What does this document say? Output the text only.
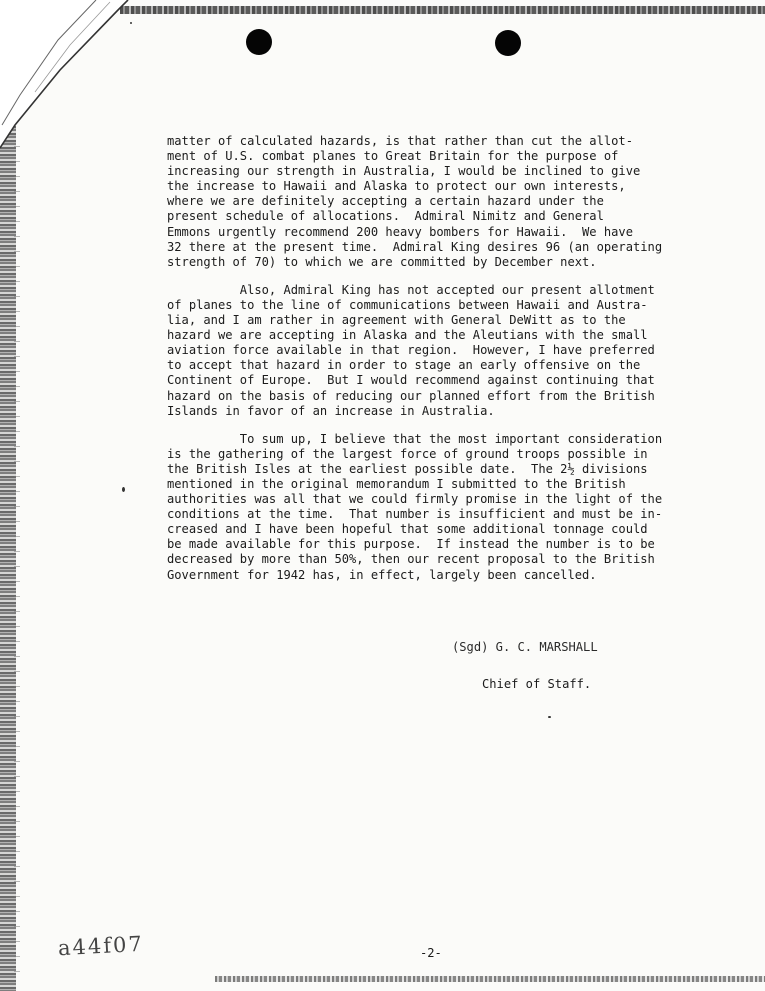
matter of calculated hazards, is that rather than cut the allot-
ment of U.S. combat planes to Great Britain for the purpose of
increasing our strength in Australia, I would be inclined to give
the increase to Hawaii and Alaska to protect our own interests,
where we are definitely accepting a certain hazard under the
present schedule of allocations.  Admiral Nimitz and General
Emmons urgently recommend 200 heavy bombers for Hawaii.  We have
32 there at the present time.  Admiral King desires 96 (an operating
strength of 70) to which we are committed by December next.
Also, Admiral King has not accepted our present allotment
of planes to the line of communications between Hawaii and Austra-
lia, and I am rather in agreement with General DeWitt as to the
hazard we are accepting in Alaska and the Aleutians with the small
aviation force available in that region.  However, I have preferred
to accept that hazard in order to stage an early offensive on the
Continent of Europe.  But I would recommend against continuing that
hazard on the basis of reducing our planned effort from the British
Islands in favor of an increase in Australia.
To sum up, I believe that the most important consideration
is the gathering of the largest force of ground troops possible in
the British Isles at the earliest possible date.  The 2½ divisions
mentioned in the original memorandum I submitted to the British
authorities was all that we could firmly promise in the light of the
conditions at the time.  That number is insufficient and must be in-
creased and I have been hopeful that some additional tonnage could
be made available for this purpose.  If instead the number is to be
decreased by more than 50%, then our recent proposal to the British
Government for 1942 has, in effect, largely been cancelled.
(Sgd) G. C. MARSHALL
Chief of Staff.
-2-
a44f07
